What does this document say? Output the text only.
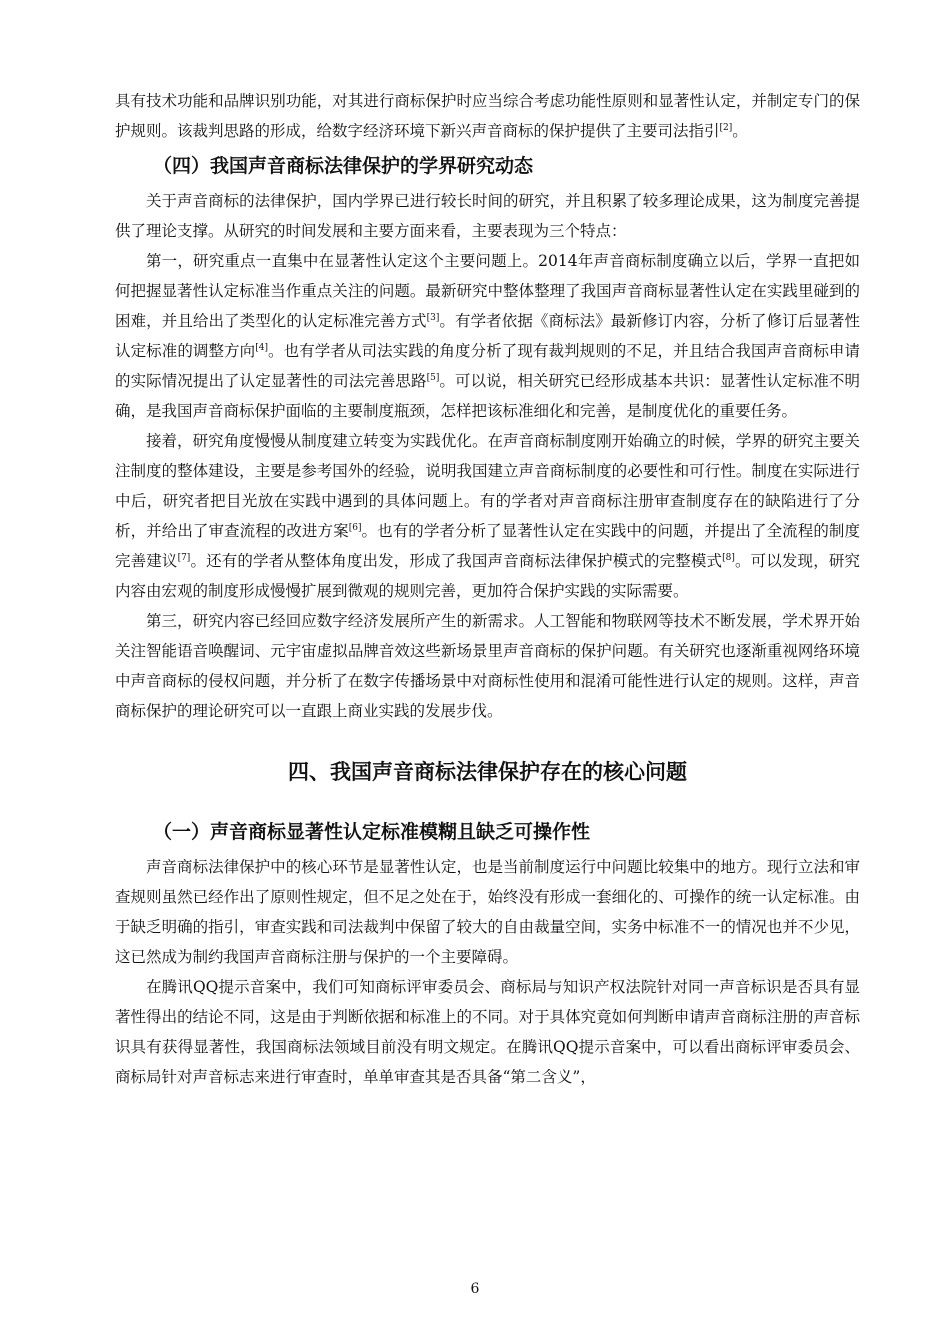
具有技术功能和品牌识别功能，对其进行商标保护时应当综合考虑功能性原则和显著性认定，并制定专门的保护规则。该裁判思路的形成，给数字经济环境下新兴声音商标的保护提供了主要司法指引[2]。

（四）我国声音商标法律保护的学界研究动态

关于声音商标的法律保护，国内学界已进行较长时间的研究，并且积累了较多理论成果，这为制度完善提供了理论支撑。从研究的时间发展和主要方面来看，主要表现为三个特点：

第一，研究重点一直集中在显著性认定这个主要问题上。2014年声音商标制度确立以后，学界一直把如何把握显著性认定标准当作重点关注的问题。最新研究中整体整理了我国声音商标显著性认定在实践里碰到的困难，并且给出了类型化的认定标准完善方式[3]。有学者依据《商标法》最新修订内容，分析了修订后显著性认定标准的调整方向[4]。也有学者从司法实践的角度分析了现有裁判规则的不足，并且结合我国声音商标申请的实际情况提出了认定显著性的司法完善思路[5]。可以说，相关研究已经形成基本共识：显著性认定标准不明确，是我国声音商标保护面临的主要制度瓶颈，怎样把该标准细化和完善，是制度优化的重要任务。

接着，研究角度慢慢从制度建立转变为实践优化。在声音商标制度刚开始确立的时候，学界的研究主要关注制度的整体建设，主要是参考国外的经验，说明我国建立声音商标制度的必要性和可行性。制度在实际进行中后，研究者把目光放在实践中遇到的具体问题上。有的学者对声音商标注册审查制度存在的缺陷进行了分析，并给出了审查流程的改进方案[6]。也有的学者分析了显著性认定在实践中的问题，并提出了全流程的制度完善建议[7]。还有的学者从整体角度出发，形成了我国声音商标法律保护模式的完整模式[8]。可以发现，研究内容由宏观的制度形成慢慢扩展到微观的规则完善，更加符合保护实践的实际需要。

第三，研究内容已经回应数字经济发展所产生的新需求。人工智能和物联网等技术不断发展，学术界开始关注智能语音唤醒词、元宇宙虚拟品牌音效这些新场景里声音商标的保护问题。有关研究也逐渐重视网络环境中声音商标的侵权问题，并分析了在数字传播场景中对商标性使用和混淆可能性进行认定的规则。这样，声音商标保护的理论研究可以一直跟上商业实践的发展步伐。

四、我国声音商标法律保护存在的核心问题
（一）声音商标显著性认定标准模糊且缺乏可操作性

声音商标法律保护中的核心环节是显著性认定，也是当前制度运行中问题比较集中的地方。现行立法和审查规则虽然已经作出了原则性规定，但不足之处在于，始终没有形成一套细化的、可操作的统一认定标准。由于缺乏明确的指引，审查实践和司法裁判中保留了较大的自由裁量空间，实务中标准不一的情况也并不少见，这已然成为制约我国声音商标注册与保护的一个主要障碍。

在腾讯QQ提示音案中，我们可知商标评审委员会、商标局与知识产权法院针对同一声音标识是否具有显著性得出的结论不同，这是由于判断依据和标准上的不同。对于具体究竟如何判断申请声音商标注册的声音标识具有获得显著性，我国商标法领域目前没有明文规定。在腾讯QQ提示音案中，可以看出商标评审委员会、商标局针对声音标志来进行审查时，单单审查其是否具备“第二含义”，

6
